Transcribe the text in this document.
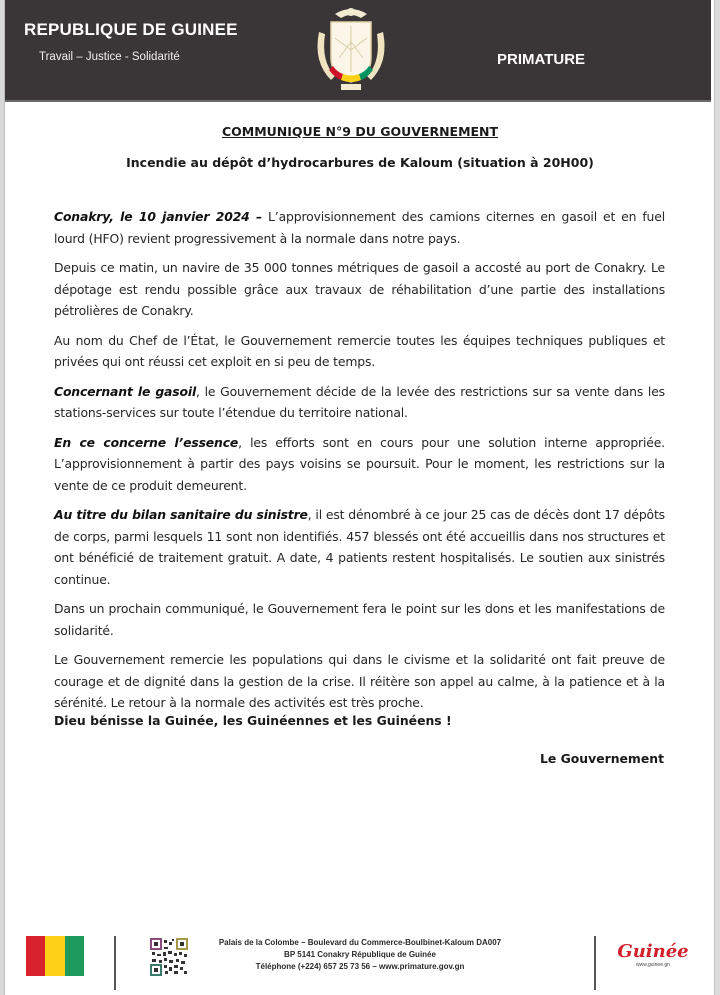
REPUBLIQUE DE GUINEE
Travail – Justice - Solidarité	PRIMATURE
COMMUNIQUE N°9 DU GOUVERNEMENT
Incendie au dépôt d’hydrocarbures de Kaloum (situation à 20H00)

Conakry, le 10 janvier 2024 – L’approvisionnement des camions citernes en gasoil et en fuel lourd (HFO) revient progressivement à la normale dans notre pays.

Depuis ce matin, un navire de 35 000 tonnes métriques de gasoil a accosté au port de Conakry. Le dépotage est rendu possible grâce aux travaux de réhabilitation d’une partie des installations pétrolières de Conakry.

Au nom du Chef de l’État, le Gouvernement remercie toutes les équipes techniques publiques et privées qui ont réussi cet exploit en si peu de temps.

Concernant le gasoil, le Gouvernement décide de la levée des restrictions sur sa vente dans les stations-services sur toute l’étendue du territoire national.

En ce concerne l’essence, les efforts sont en cours pour une solution interne appropriée. L’approvisionnement à partir des pays voisins se poursuit. Pour le moment, les restrictions sur la vente de ce produit demeurent.

Au titre du bilan sanitaire du sinistre, il est dénombré à ce jour 25 cas de décès dont 17 dépôts de corps, parmi lesquels 11 sont non identifiés. 457 blessés ont été accueillis dans nos structures et ont bénéficié de traitement gratuit. A date, 4 patients restent hospitalisés. Le soutien aux sinistrés continue.

Dans un prochain communiqué, le Gouvernement fera le point sur les dons et les manifestations de solidarité.

Le Gouvernement remercie les populations qui dans le civisme et la solidarité ont fait preuve de courage et de dignité dans la gestion de la crise. Il réitère son appel au calme, à la patience et à la sérénité. Le retour à la normale des activités est très proche.

Dieu bénisse la Guinée, les Guinéennes et les Guinéens !
Le Gouvernement
Palais de la Colombe – Boulevard du Commerce-Boulbinet-Kaloum DA007
BP 5141 Conakry République de Guinée
Téléphone (+224) 657 25 73 56 – www.primature.gov.gn
Guinée
www.guinee.gn
